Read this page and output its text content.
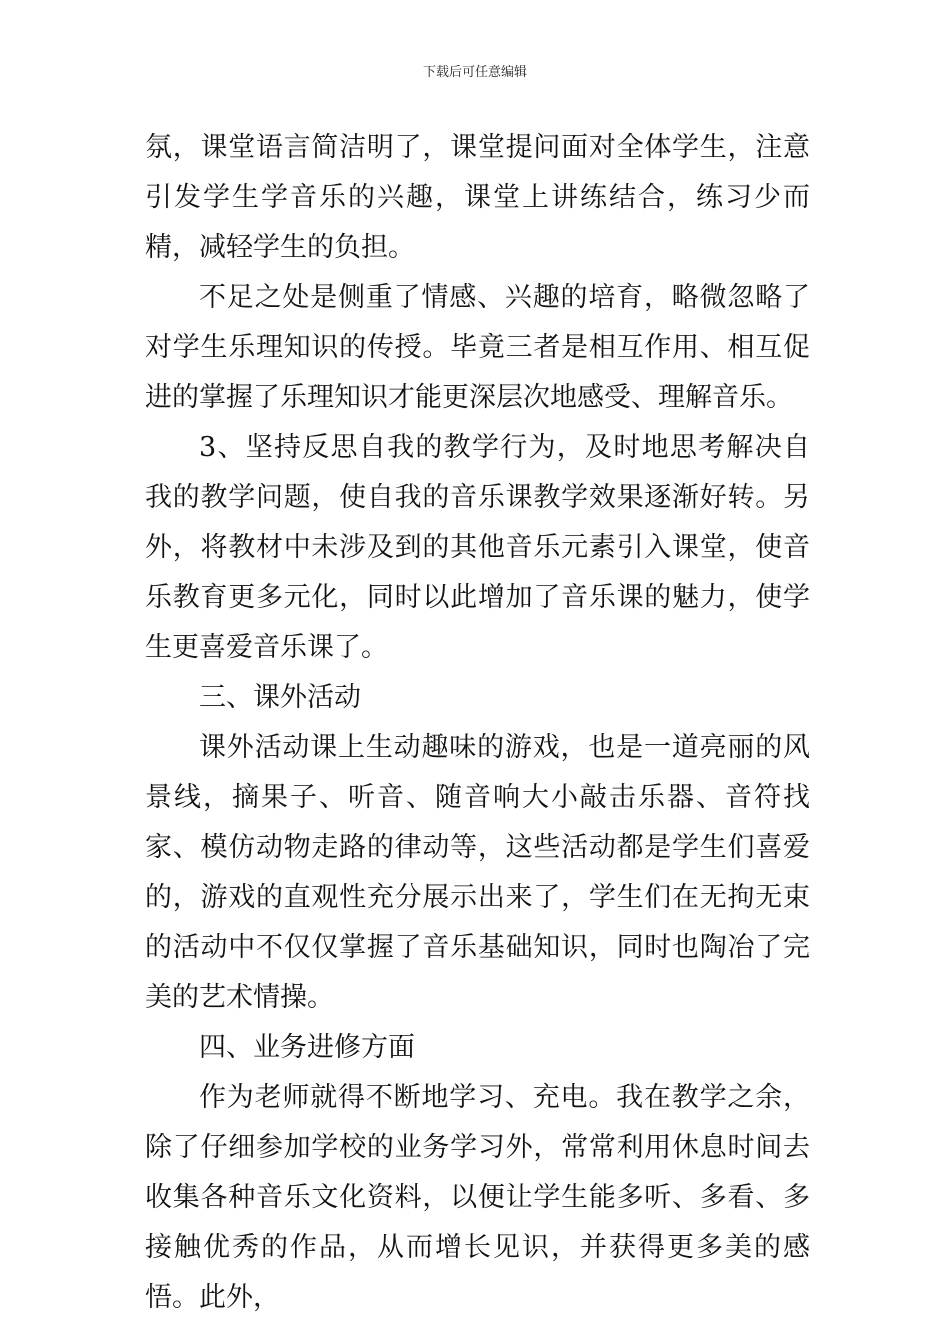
下载后可任意编辑

氛，课堂语言简洁明了，课堂提问面对全体学生，注意引发学生学音乐的兴趣，课堂上讲练结合，练习少而精，减轻学生的负担。

不足之处是侧重了情感、兴趣的培育，略微忽略了对学生乐理知识的传授。毕竟三者是相互作用、相互促进的掌握了乐理知识才能更深层次地感受、理解音乐。

3、坚持反思自我的教学行为，及时地思考解决自我的教学问题，使自我的音乐课教学效果逐渐好转。另外，将教材中未涉及到的其他音乐元素引入课堂，使音乐教育更多元化，同时以此增加了音乐课的魅力，使学生更喜爱音乐课了。

三、课外活动

课外活动课上生动趣味的游戏，也是一道亮丽的风景线，摘果子、听音、随音响大小敲击乐器、音符找家、模仿动物走路的律动等，这些活动都是学生们喜爱的，游戏的直观性充分展示出来了，学生们在无拘无束的活动中不仅仅掌握了音乐基础知识，同时也陶冶了完美的艺术情操。

四、业务进修方面

作为老师就得不断地学习、充电。我在教学之余，除了仔细参加学校的业务学习外，常常利用休息时间去收集各种音乐文化资料，以便让学生能多听、多看、多接触优秀的作品，从而增长见识，并获得更多美的感悟。此外，
